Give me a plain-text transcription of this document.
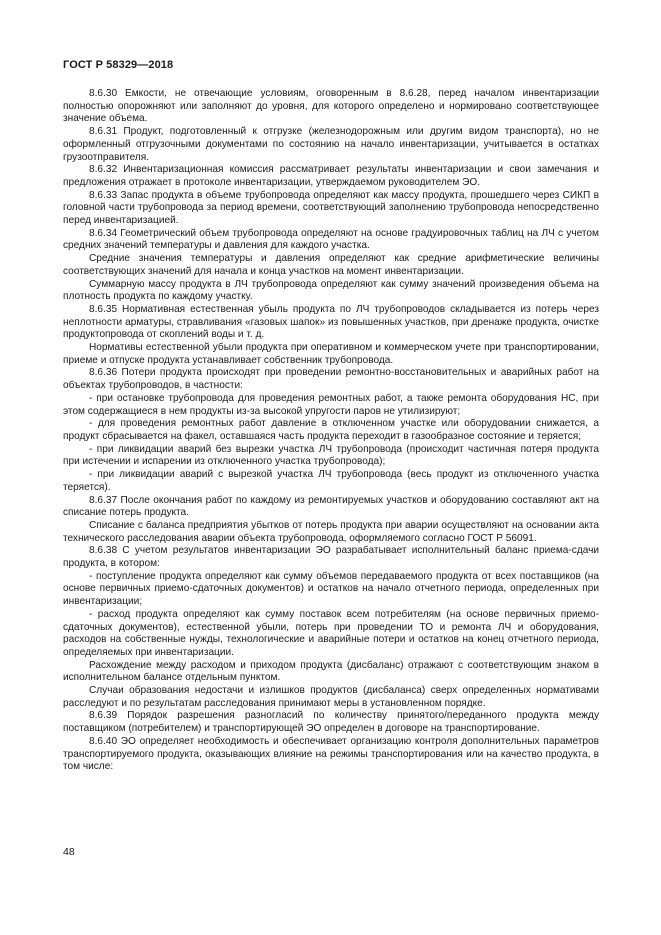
ГОСТ Р 58329—2018

8.6.30 Емкости, не отвечающие условиям, оговоренным в 8.6.28, перед началом инвентаризации полностью опорожняют или заполняют до уровня, для которого определено и нормировано соответствующее значение объема.

8.6.31 Продукт, подготовленный к отгрузке (железнодорожным или другим видом транспорта), но не оформленный отгрузочными документами по состоянию на начало инвентаризации, учитывается в остатках грузоотправителя.

8.6.32 Инвентаризационная комиссия рассматривает результаты инвентаризации и свои замечания и предложения отражает в протоколе инвентаризации, утверждаемом руководителем ЭО.

8.6.33 Запас продукта в объеме трубопровода определяют как массу продукта, прошедшего через СИКП в головной части трубопровода за период времени, соответствующий заполнению трубопровода непосредственно перед инвентаризацией.

8.6.34 Геометрический объем трубопровода определяют на основе градуировочных таблиц на ЛЧ с учетом средних значений температуры и давления для каждого участка.

Средние значения температуры и давления определяют как средние арифметические величины соответствующих значений для начала и конца участков на момент инвентаризации.

Суммарную массу продукта в ЛЧ трубопровода определяют как сумму значений произведения объема на плотность продукта по каждому участку.

8.6.35 Нормативная естественная убыль продукта по ЛЧ трубопроводов складывается из потерь через неплотности арматуры, стравливания «газовых шапок» из повышенных участков, при дренаже продукта, очистке продуктопровода от скоплений воды и т. д.

Нормативы естественной убыли продукта при оперативном и коммерческом учете при транспортировании, приеме и отпуске продукта устанавливает собственник трубопровода.

8.6.36 Потери продукта происходят при проведении ремонтно-восстановительных и аварийных работ на объектах трубопроводов, в частности:

- при остановке трубопровода для проведения ремонтных работ, а также ремонта оборудования НС, при этом содержащиеся в нем продукты из-за высокой упругости паров не утилизируют;

- для проведения ремонтных работ давление в отключенном участке или оборудовании снижается, а продукт сбрасывается на факел, оставшаяся часть продукта переходит в газообразное состояние и теряется;

- при ликвидации аварий без вырезки участка ЛЧ трубопровода (происходит частичная потеря продукта при истечении и испарении из отключенного участка трубопровода);

- при ликвидации аварий с вырезкой участка ЛЧ трубопровода (весь продукт из отключенного участка теряется).

8.6.37 После окончания работ по каждому из ремонтируемых участков и оборудованию составляют акт на списание потерь продукта.

Списание с баланса предприятия убытков от потерь продукта при аварии осуществляют на основании акта технического расследования аварии объекта трубопровода, оформляемого согласно ГОСТ Р 56091.

8.6.38 С учетом результатов инвентаризации ЭО разрабатывает исполнительный баланс приема-сдачи продукта, в котором:

- поступление продукта определяют как сумму объемов передаваемого продукта от всех поставщиков (на основе первичных приемо-сдаточных документов) и остатков на начало отчетного периода, определенных при инвентаризации;

- расход продукта определяют как сумму поставок всем потребителям (на основе первичных приемо-сдаточных документов), естественной убыли, потерь при проведении ТО и ремонта ЛЧ и оборудования, расходов на собственные нужды, технологические и аварийные потери и остатков на конец отчетного периода, определяемых при инвентаризации.

Расхождение между расходом и приходом продукта (дисбаланс) отражают с соответствующим знаком в исполнительном балансе отдельным пунктом.

Случаи образования недостачи и излишков продуктов (дисбаланса) сверх определенных нормативами расследуют и по результатам расследования принимают меры в установленном порядке.

8.6.39 Порядок разрешения разногласий по количеству принятого/переданного продукта между поставщиком (потребителем) и транспортирующей ЭО определен в договоре на транспортирование.

8.6.40 ЭО определяет необходимость и обеспечивает организацию контроля дополнительных параметров транспортируемого продукта, оказывающих влияние на режимы транспортирования или на качество продукта, в том числе:

48
